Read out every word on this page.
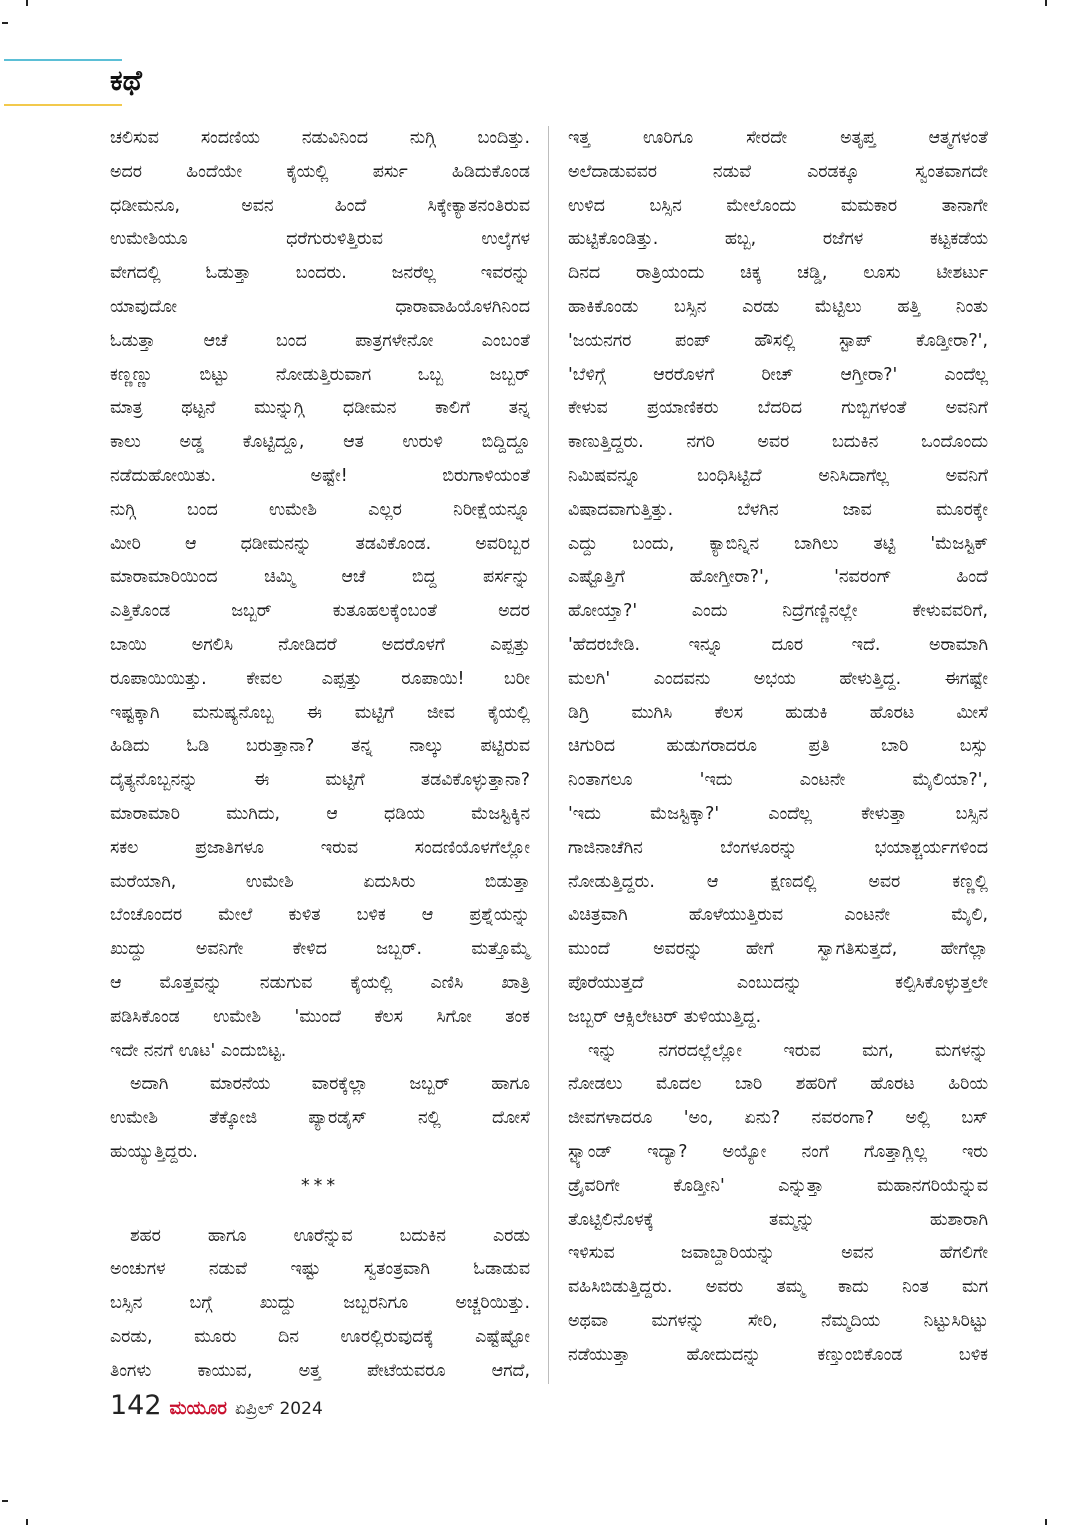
ಕಥೆ
ಚಲಿಸುವ ಸಂದಣಿಯ ನಡುವಿನಿಂದ ನುಗ್ಗಿ ಬಂದಿತ್ತು.
ಅದರ ಹಿಂದೆಯೇ ಕೈಯಲ್ಲಿ ಪರ್ಸು ಹಿಡಿದುಕೊಂಡ
ಧಡೀಮನೂ, ಅವನ ಹಿಂದೆ ಸಿಕ್ಕೇಕ್ಯಾತನಂತಿರುವ
ಉಮೇಶಿಯೂ ಧರೆಗುರುಳಿತ್ತಿರುವ ಉಲ್ಕೆಗಳ
ವೇಗದಲ್ಲಿ ಓಡುತ್ತಾ ಬಂದರು. ಜನರೆಲ್ಲ ಇವರನ್ನು
ಯಾವುದೋ ಧಾರಾವಾಹಿಯೊಳಗಿನಿಂದ
ಓಡುತ್ತಾ ಆಚೆ ಬಂದ ಪಾತ್ರಗಳೇನೋ ಎಂಬಂತೆ
ಕಣ್ಣಣ್ಣು ಬಿಟ್ಟು ನೋಡುತ್ತಿರುವಾಗ ಒಬ್ಬ ಜಬ್ಬರ್
ಮಾತ್ರ ಥಟ್ಟನೆ ಮುನ್ನುಗ್ಗಿ ಧಡೀಮನ ಕಾಲಿಗೆ ತನ್ನ
ಕಾಲು ಅಡ್ಡ ಕೊಟ್ಟಿದ್ದೂ, ಆತ ಉರುಳಿ ಬಿದ್ದಿದ್ದೂ
ನಡೆದುಹೋಯಿತು. ಅಷ್ಟೇ! ಬಿರುಗಾಳಿಯಂತೆ
ನುಗ್ಗಿ ಬಂದ ಉಮೇಶಿ ಎಲ್ಲರ ನಿರೀಕ್ಷೆಯನ್ನೂ
ಮೀರಿ ಆ ಧಡೀಮನನ್ನು ತಡವಿಕೊಂಡ. ಅವರಿಬ್ಬರ
ಮಾರಾಮಾರಿಯಿಂದ ಚಿಮ್ಮಿ ಆಚೆ ಬಿದ್ದ ಪರ್ಸನ್ನು
ಎತ್ತಿಕೊಂಡ ಜಬ್ಬರ್ ಕುತೂಹಲಕ್ಕೆಂಬಂತೆ ಅದರ
ಬಾಯಿ ಅಗಲಿಸಿ ನೋಡಿದರೆ ಅದರೊಳಗೆ ಎಪ್ಪತ್ತು
ರೂಪಾಯಿಯಿತ್ತು. ಕೇವಲ ಎಪ್ಪತ್ತು ರೂಪಾಯಿ! ಬರೀ
ಇಷ್ಟಕ್ಕಾಗಿ ಮನುಷ್ಯನೊಬ್ಬ ಈ ಮಟ್ಟಿಗೆ ಜೀವ ಕೈಯಲ್ಲಿ
ಹಿಡಿದು ಓಡಿ ಬರುತ್ತಾನಾ? ತನ್ನ ನಾಲ್ಕು ಪಟ್ಟಿರುವ
ದೈತ್ಯನೊಬ್ಬನನ್ನು ಈ ಮಟ್ಟಿಗೆ ತಡವಿಕೊಳ್ಳುತ್ತಾನಾ?
ಮಾರಾಮಾರಿ ಮುಗಿದು, ಆ ಧಡಿಯ ಮೆಜಸ್ಟಿಕ್ಕಿನ
ಸಕಲ ಪ್ರಜಾತಿಗಳೂ ಇರುವ ಸಂದಣಿಯೊಳಗೆಲ್ಲೋ
ಮರೆಯಾಗಿ, ಉಮೇಶಿ ಏದುಸಿರು ಬಿಡುತ್ತಾ
ಬೆಂಚೊಂದರ ಮೇಲೆ ಕುಳಿತ ಬಳಿಕ ಆ ಪ್ರಶ್ನೆಯನ್ನು
ಖುದ್ದು ಅವನಿಗೇ ಕೇಳಿದ ಜಬ್ಬರ್. ಮತ್ತೊಮ್ಮೆ
ಆ ಮೊತ್ತವನ್ನು ನಡುಗುವ ಕೈಯಲ್ಲಿ ಎಣಿಸಿ ಖಾತ್ರಿ
ಪಡಿಸಿಕೊಂಡ ಉಮೇಶಿ 'ಮುಂದೆ ಕೆಲಸ ಸಿಗೋ ತಂಕ
ಇದೇ ನನಗೆ ಊಟ' ಎಂದುಬಿಟ್ಟ.
ಅದಾಗಿ ಮಾರನೆಯ ವಾರಕ್ಕೆಲ್ಲಾ ಜಬ್ಬರ್ ಹಾಗೂ
ಉಮೇಶಿ ತೆಕ್ಕೋಜಿ ಪ್ಯಾರಡೈಸ್ ನಲ್ಲಿ ದೋಸೆ
ಹುಯ್ಯುತ್ತಿದ್ದರು.
***
ಶಹರ ಹಾಗೂ ಊರೆನ್ನುವ ಬದುಕಿನ ಎರಡು
ಅಂಚುಗಳ ನಡುವೆ ಇಷ್ಟು ಸ್ವತಂತ್ರವಾಗಿ ಓಡಾಡುವ
ಬಸ್ಸಿನ ಬಗ್ಗೆ ಖುದ್ದು ಜಬ್ಬರನಿಗೂ ಅಚ್ಚರಿಯಿತ್ತು.
ಎರಡು, ಮೂರು ದಿನ ಊರಲ್ಲಿರುವುದಕ್ಕೆ ಎಷ್ಟೆಷ್ಟೋ
ತಿಂಗಳು ಕಾಯುವ, ಅತ್ತ ಪೇಟೆಯವರೂ ಆಗದೆ,
ಇತ್ತ ಊರಿಗೂ ಸೇರದೇ ಅತೃಪ್ತ ಆತ್ಮಗಳಂತೆ
ಅಲೆದಾಡುವವರ ನಡುವೆ ಎರಡಕ್ಕೂ ಸ್ವಂತವಾಗದೇ
ಉಳಿದ ಬಸ್ಸಿನ ಮೇಲೊಂದು ಮಮಕಾರ ತಾನಾಗೇ
ಹುಟ್ಟಿಕೊಂಡಿತ್ತು. ಹಬ್ಬ, ರಜೆಗಳ ಕಟ್ಟಕಡೆಯ
ದಿನದ ರಾತ್ರಿಯಂದು ಚಿಕ್ಕ ಚಡ್ಡಿ, ಲೂಸು ಟೀಶರ್ಟು
ಹಾಕಿಕೊಂಡು ಬಸ್ಸಿನ ಎರಡು ಮೆಟ್ಟಿಲು ಹತ್ತಿ ನಿಂತು
'ಜಯನಗರ ಪಂಪ್ ಹೌಸಲ್ಲಿ ಸ್ಟಾಪ್ ಕೊಡ್ತೀರಾ?',
'ಬೆಳಿಗ್ಗೆ ಆರರೊಳಗೆ ರೀಚ್ ಆಗ್ತೀರಾ?' ಎಂದೆಲ್ಲ
ಕೇಳುವ ಪ್ರಯಾಣಿಕರು ಬೆದರಿದ ಗುಬ್ಬಿಗಳಂತೆ ಅವನಿಗೆ
ಕಾಣುತ್ತಿದ್ದರು. ನಗರಿ ಅವರ ಬದುಕಿನ ಒಂದೊಂದು
ನಿಮಿಷವನ್ನೂ ಬಂಧಿಸಿಟ್ಟಿದೆ ಅನಿಸಿದಾಗೆಲ್ಲ ಅವನಿಗೆ
ವಿಷಾದವಾಗುತ್ತಿತ್ತು. ಬೆಳಗಿನ ಜಾವ ಮೂರಕ್ಕೇ
ಎದ್ದು ಬಂದು, ಕ್ಯಾಬಿನ್ನಿನ ಬಾಗಿಲು ತಟ್ಟಿ 'ಮೆಜಸ್ಟಿಕ್
ಎಷ್ಟೊತ್ತಿಗೆ ಹೋಗ್ತೀರಾ?', 'ನವರಂಗ್ ಹಿಂದೆ
ಹೋಯ್ತಾ?' ಎಂದು ನಿದ್ರೆಗಣ್ಣಿನಲ್ಲೇ ಕೇಳುವವರಿಗೆ,
'ಹೆದರಬೇಡಿ. ಇನ್ನೂ ದೂರ ಇದೆ. ಅರಾಮಾಗಿ
ಮಲಗಿ' ಎಂದವನು ಅಭಯ ಹೇಳುತ್ತಿದ್ದ. ಈಗಷ್ಟೇ
ಡಿಗ್ರಿ ಮುಗಿಸಿ ಕೆಲಸ ಹುಡುಕಿ ಹೊರಟ ಮೀಸೆ
ಚಿಗುರಿದ ಹುಡುಗರಾದರೂ ಪ್ರತಿ ಬಾರಿ ಬಸ್ಸು
ನಿಂತಾಗಲೂ 'ಇದು ಎಂಟನೇ ಮೈಲಿಯಾ?',
'ಇದು ಮೆಜಸ್ಟಿಕ್ಕಾ?' ಎಂದೆಲ್ಲ ಕೇಳುತ್ತಾ ಬಸ್ಸಿನ
ಗಾಜಿನಾಚೆಗಿನ ಬೆಂಗಳೂರನ್ನು ಭಯಾಶ್ಚರ್ಯಗಳಿಂದ
ನೋಡುತ್ತಿದ್ದರು. ಆ ಕ್ಷಣದಲ್ಲಿ ಅವರ ಕಣ್ಣಲ್ಲಿ
ವಿಚಿತ್ರವಾಗಿ ಹೊಳೆಯುತ್ತಿರುವ ಎಂಟನೇ ಮೈಲಿ,
ಮುಂದೆ ಅವರನ್ನು ಹೇಗೆ ಸ್ವಾಗತಿಸುತ್ತದೆ, ಹೇಗೆಲ್ಲಾ
ಪೊರೆಯುತ್ತದೆ ಎಂಬುದನ್ನು ಕಲ್ಪಿಸಿಕೊಳ್ಳುತ್ತಲೇ
ಜಬ್ಬರ್ ಆಕ್ಸಿಲೇಟರ್ ತುಳಿಯುತ್ತಿದ್ದ.
ಇನ್ನು ನಗರದಲ್ಲೆಲ್ಲೋ ಇರುವ ಮಗ, ಮಗಳನ್ನು
ನೋಡಲು ಮೊದಲ ಬಾರಿ ಶಹರಿಗೆ ಹೊರಟ ಹಿರಿಯ
ಜೀವಗಳಾದರೂ 'ಅಂ, ಏನು? ನವರಂಗಾ? ಅಲ್ಲಿ ಬಸ್
ಸ್ಟ್ಯಾಂಡ್ ಇದ್ಯಾ? ಅಯ್ಯೋ ನಂಗೆ ಗೊತ್ತಾಗ್ಲಿಲ್ಲ ಇರು
ಡ್ರೈವರಿಗೇ ಕೊಡ್ತೀನಿ' ಎನ್ನುತ್ತಾ ಮಹಾನಗರಿಯೆನ್ನುವ
ತೊಟ್ಟಿಲಿನೊಳಕ್ಕೆ ತಮ್ಮನ್ನು ಹುಶಾರಾಗಿ
ಇಳಿಸುವ ಜವಾಬ್ದಾರಿಯನ್ನು ಅವನ ಹೆಗಲಿಗೇ
ವಹಿಸಿಬಿಡುತ್ತಿದ್ದರು. ಅವರು ತಮ್ಮ ಕಾದು ನಿಂತ ಮಗ
ಅಥವಾ ಮಗಳನ್ನು ಸೇರಿ, ನೆಮ್ಮದಿಯ ನಿಟ್ಟುಸಿರಿಟ್ಟು
ನಡೆಯುತ್ತಾ ಹೋದುದನ್ನು ಕಣ್ತುಂಬಿಕೊಂಡ ಬಳಿಕ
142 ಮಯೂರ ಏಪ್ರಿಲ್ 2024
